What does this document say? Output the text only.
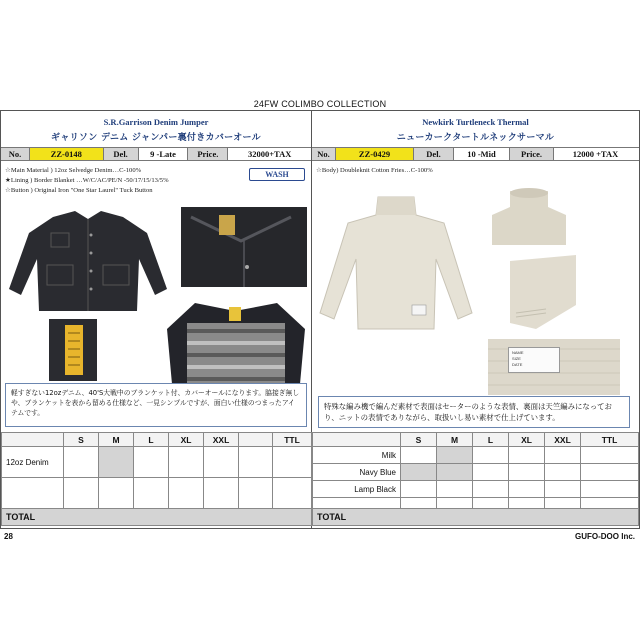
24FW COLIMBO COLLECTION
S.R.Garrison Denim Jumper
ギャリソン デニム ジャンパー裏付きカバーオール
No.	ZZ-0148	Del.	9 -Late	Price.	32000+TAX
☆Main Material ) 12oz Selvedge Denim…C-100%
★Lining ) Border Blanket …W/C/AC/PE/N -50/17/15/13/5%
☆Button ) Original Iron "One Star Laurel" Tuck Button
WASH
軽すぎない12ozデニム、40'S大戦中のブランケット付、カバーオールになります。脇接ぎ無しや、ブランケットを表から留める仕様など、一見シンプルですが、面白い仕様のつまったアイテムです。
	S	M	L	XL	XXL		TTL
12oz Denim							

TOTAL							
Newkirk Turtleneck Thermal
ニューカークタートルネックサーマル
No.	ZZ-0429	Del.	10 -Mid	Price.	12000 +TAX
☆Body) Doubleknit Cotton Fries…C-100%
NAME
SIZE
DATE
特殊な編み機で編んだ素材で表面はセーターのような表情、裏面は天竺編みになっており、ニットの表情でありながら、取扱いし易い素材で仕上げています。
	S	M	L	XL	XXL	TTL
Milk						
Navy Blue						
Lamp Black						

TOTAL						
28	GUFO-DOO Inc.
